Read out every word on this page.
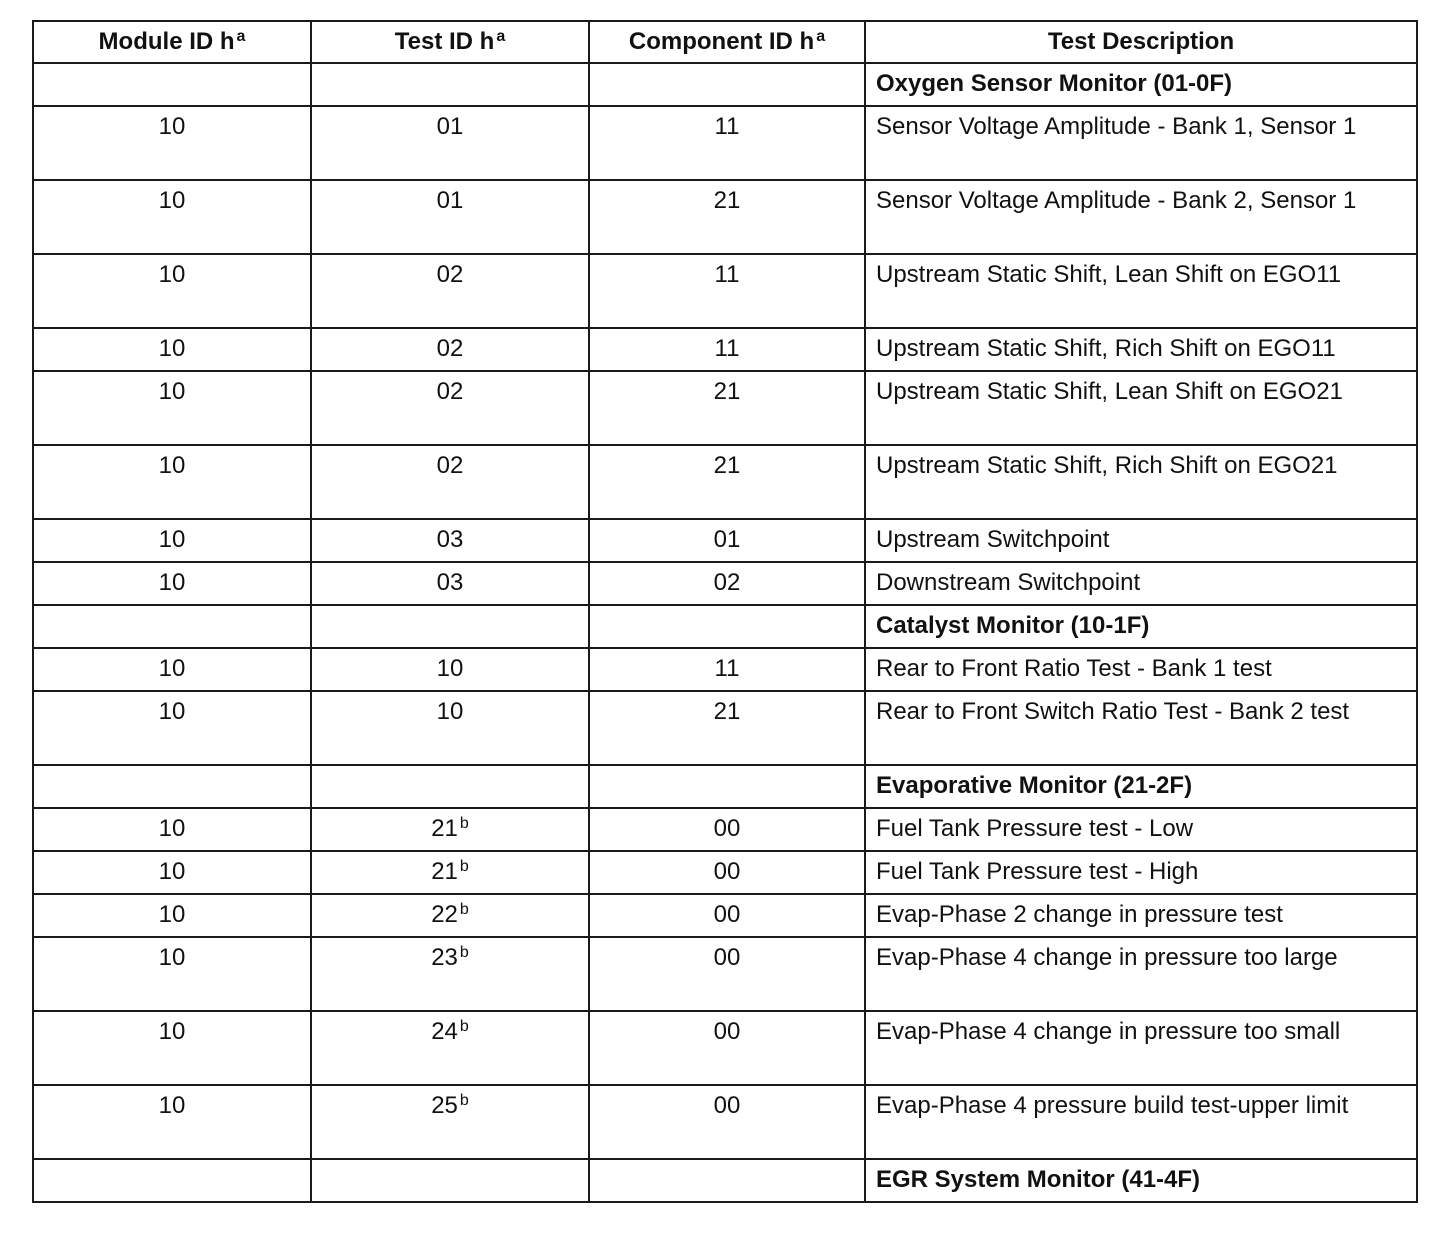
Module ID h $^a$	Test ID h $^a$	Component ID h $^a$	Test Description
			Oxygen Sensor Monitor (01-0F)
10	01	11	Sensor Voltage Amplitude - Bank 1, Sensor 1
10	01	21	Sensor Voltage Amplitude - Bank 2, Sensor 1
10	02	11	Upstream Static Shift, Lean Shift on EGO11
10	02	11	Upstream Static Shift, Rich Shift on EGO11
10	02	21	Upstream Static Shift, Lean Shift on EGO21
10	02	21	Upstream Static Shift, Rich Shift on EGO21
10	03	01	Upstream Switchpoint
10	03	02	Downstream Switchpoint
			Catalyst Monitor (10-1F)
10	10	11	Rear to Front Ratio Test - Bank 1 test
10	10	21	Rear to Front Switch Ratio Test - Bank 2 test
			Evaporative Monitor (21-2F)
10	21 $^b$	00	Fuel Tank Pressure test - Low
10	21 $^b$	00	Fuel Tank Pressure test - High
10	22 $^b$	00	Evap-Phase 2 change in pressure test
10	23 $^b$	00	Evap-Phase 4 change in pressure too large
10	24 $^b$	00	Evap-Phase 4 change in pressure too small
10	25 $^b$	00	Evap-Phase 4 pressure build test-upper limit
			EGR System Monitor (41-4F)
